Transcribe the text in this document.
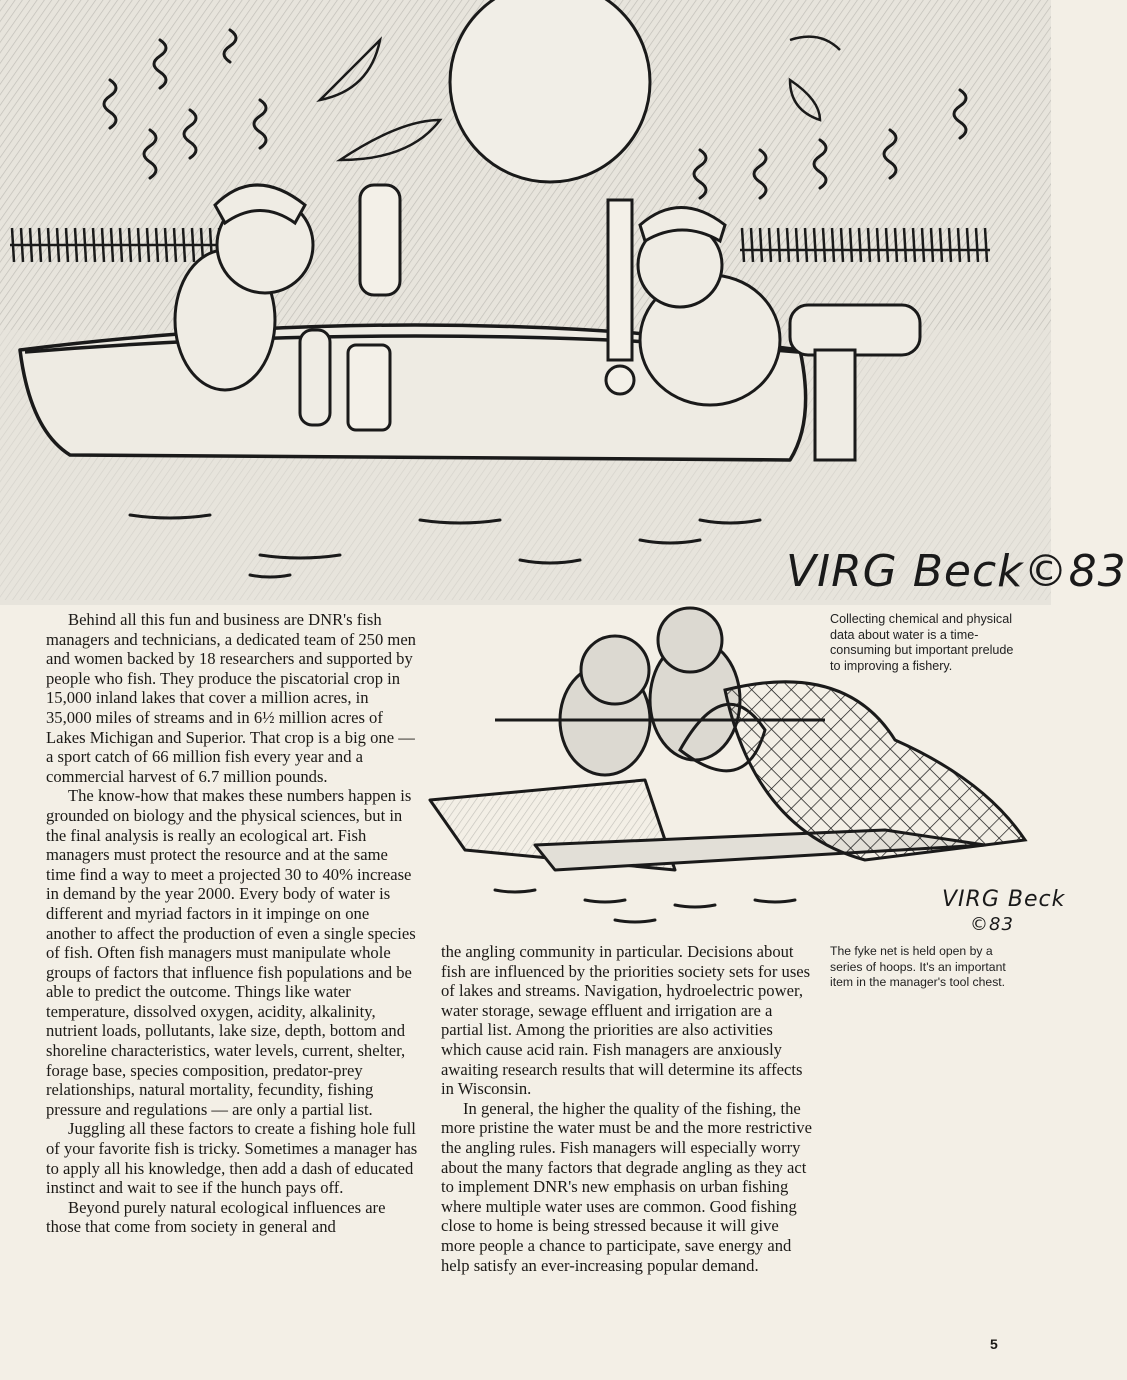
VIRG Beck©83
VIRG Beck
©83
Collecting chemical and physical data about water is a time-consuming but important prelude to improving a fishery.
The fyke net is held open by a series of hoops. It's an important item in the manager's tool chest.

Behind all this fun and business are DNR's fish managers and technicians, a dedicated team of 250 men and women backed by 18 researchers and supported by people who fish. They produce the piscatorial crop in 15,000 inland lakes that cover a million acres, in 35,000 miles of streams and in 6½ million acres of Lakes Michigan and Superior. That crop is a big one — a sport catch of 66 million fish every year and a commercial harvest of 6.7 million pounds.

The know-how that makes these numbers happen is grounded on biology and the physical sciences, but in the final analysis is really an ecological art. Fish managers must protect the resource and at the same time find a way to meet a projected 30 to 40% increase in demand by the year 2000. Every body of water is different and myriad factors in it impinge on one another to affect the production of even a single species of fish. Often fish managers must manipulate whole groups of factors that influence fish populations and be able to predict the outcome. Things like water temperature, dissolved oxygen, acidity, alkalinity, nutrient loads, pollutants, lake size, depth, bottom and shoreline characteristics, water levels, current, shelter, forage base, species composition, predator-prey relationships, natural mortality, fecundity, fishing pressure and regulations — are only a partial list.

Juggling all these factors to create a fishing hole full of your favorite fish is tricky. Sometimes a manager has to apply all his knowledge, then add a dash of educated instinct and wait to see if the hunch pays off.

Beyond purely natural ecological influences are those that come from society in general and

the angling community in particular. Decisions about fish are influenced by the priorities society sets for uses of lakes and streams. Navigation, hydroelectric power, water storage, sewage effluent and irrigation are a partial list. Among the priorities are also activities which cause acid rain. Fish managers are anxiously awaiting research results that will determine its affects in Wisconsin.

In general, the higher the quality of the fishing, the more pristine the water must be and the more restrictive the angling rules. Fish managers will especially worry about the many factors that degrade angling as they act to implement DNR's new emphasis on urban fishing where multiple water uses are common. Good fishing close to home is being stressed because it will give more people a chance to participate, save energy and help satisfy an ever-increasing popular demand.

5
